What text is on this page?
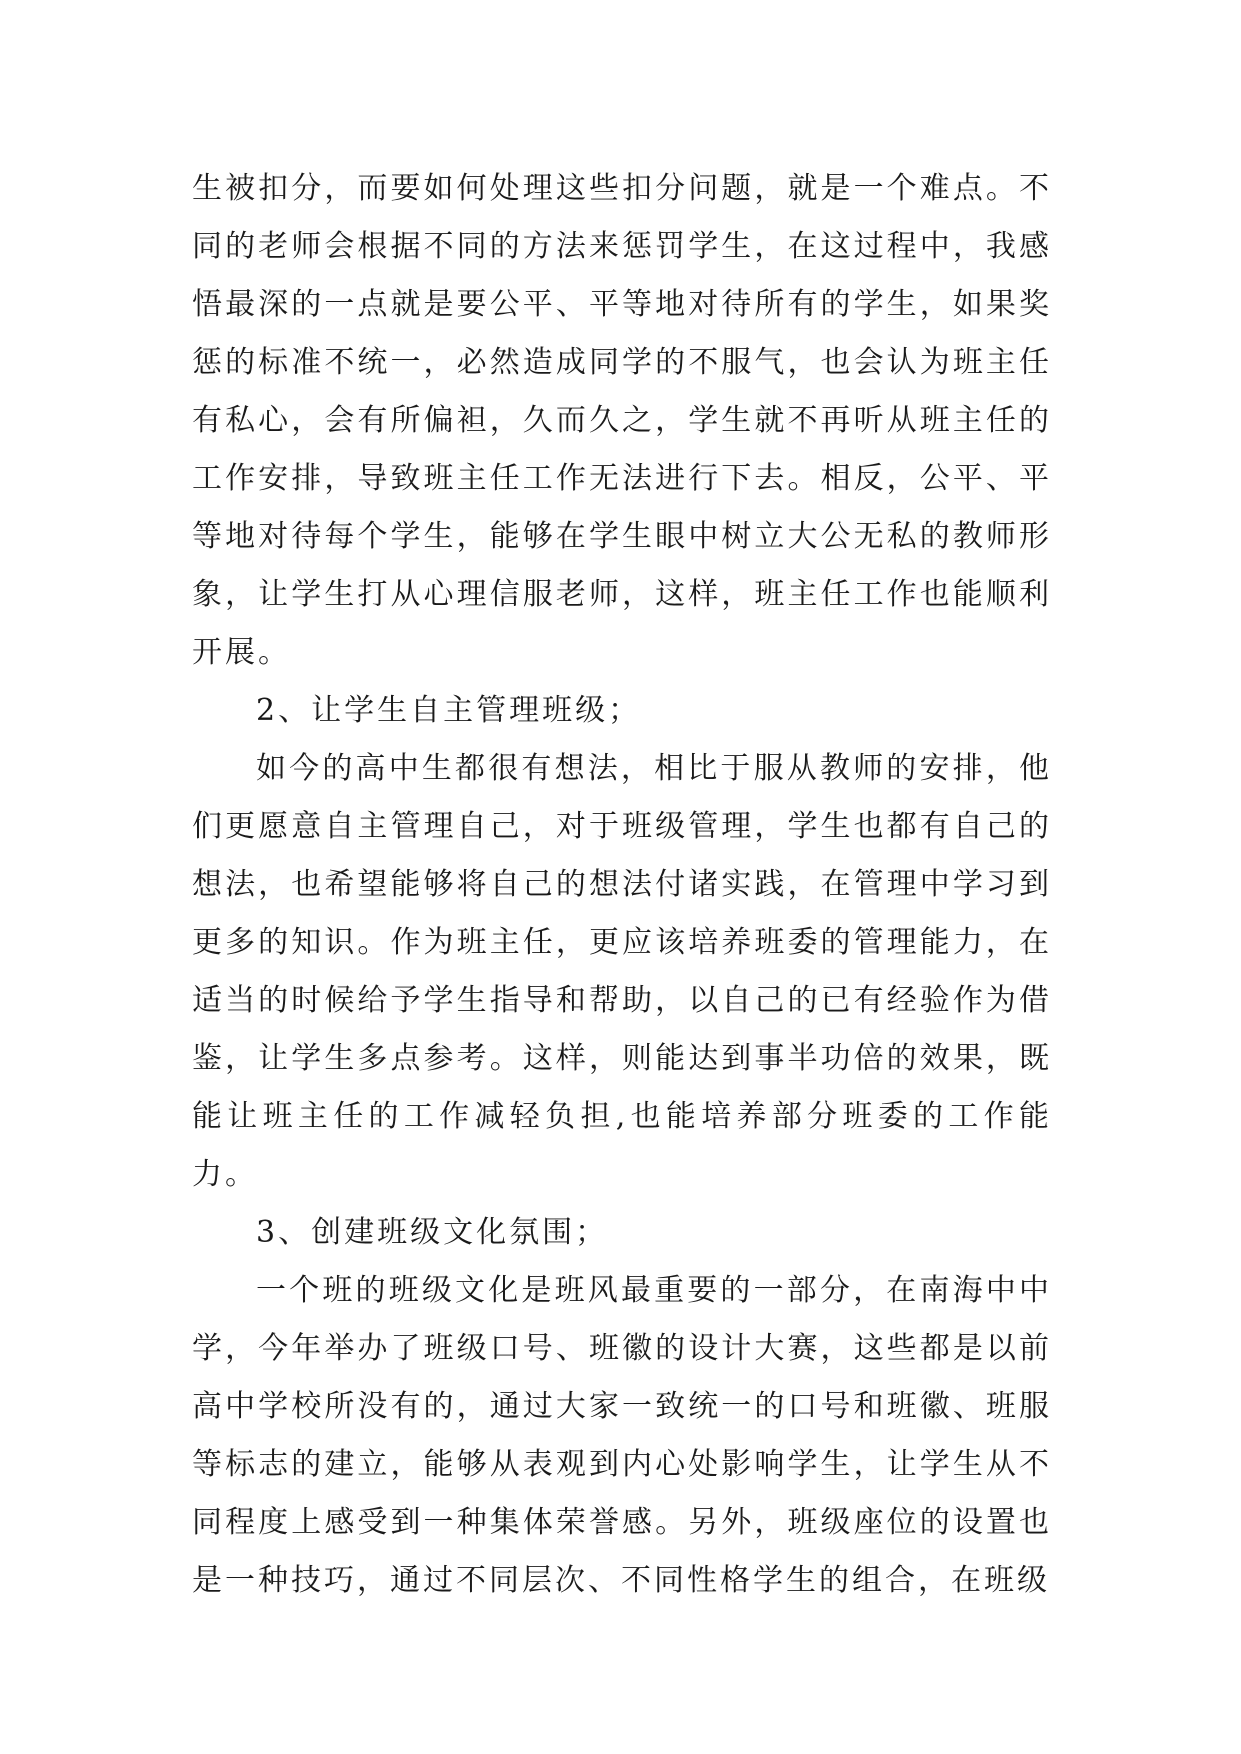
生被扣分，而要如何处理这些扣分问题，就是一个难点。不同的老师会根据不同的方法来惩罚学生，在这过程中，我感悟最深的一点就是要公平、平等地对待所有的学生，如果奖惩的标准不统一，必然造成同学的不服气，也会认为班主任有私心，会有所偏袒，久而久之，学生就不再听从班主任的工作安排，导致班主任工作无法进行下去。相反，公平、平等地对待每个学生，能够在学生眼中树立大公无私的教师形象，让学生打从心理信服老师，这样，班主任工作也能顺利开展。

2、让学生自主管理班级；

如今的高中生都很有想法，相比于服从教师的安排，他们更愿意自主管理自己，对于班级管理，学生也都有自己的想法，也希望能够将自己的想法付诸实践，在管理中学习到更多的知识。作为班主任，更应该培养班委的管理能力，在适当的时候给予学生指导和帮助，以自己的已有经验作为借鉴，让学生多点参考。这样，则能达到事半功倍的效果，既能让班主任的工作减轻负担,也能培养部分班委的工作能力。

3、创建班级文化氛围；

一个班的班级文化是班风最重要的一部分，在南海中中学，今年举办了班级口号、班徽的设计大赛，这些都是以前高中学校所没有的，通过大家一致统一的口号和班徽、班服等标志的建立，能够从表观到内心处影响学生，让学生从不同程度上感受到一种集体荣誉感。另外，班级座位的设置也是一种技巧，通过不同层次、不同性格学生的组合，在班级
